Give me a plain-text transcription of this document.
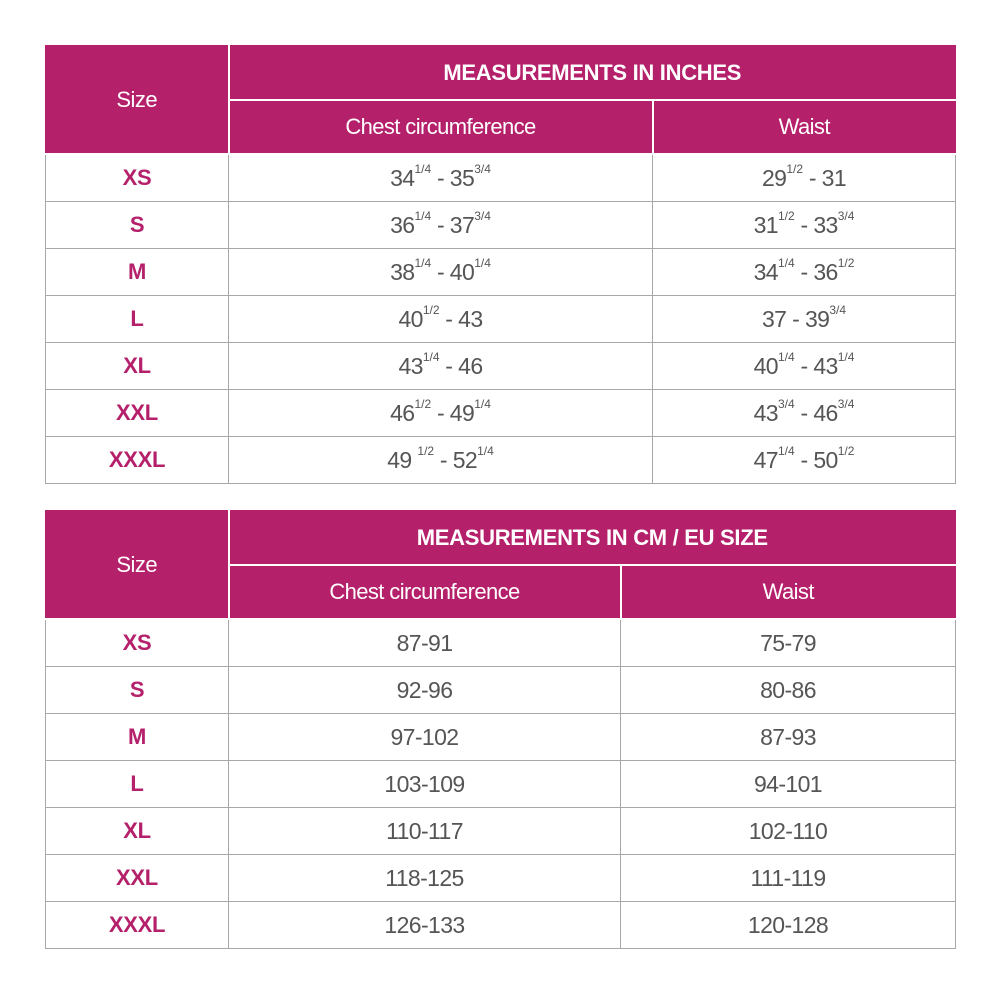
Size	MEASUREMENTS IN INCHES	
	Chest circumference	Waist
XS	$34^{1/4} - 35^{3/4}$	$29^{1/2} - 31$
S	$36^{1/4} - 37^{3/4}$	$31^{1/2} - 33^{3/4}$
M	$38^{1/4} - 40^{1/4}$	$34^{1/4} - 36^{1/2}$
L	$40^{1/2} - 43$	$37 - 39^{3/4}$
XL	$43^{1/4} - 46$	$40^{1/4} - 43^{1/4}$
XXL	$46^{1/2} - 49^{1/4}$	$43^{3/4} - 46^{3/4}$
XXXL	49 $^{1/2} - 52^{1/4}$	$47^{1/4} - 50^{1/2}$
Size	MEASUREMENTS IN CM / EU SIZE	
	Chest circumference	Waist
XS	87-91	75-79
S	92-96	80-86
M	97-102	87-93
L	103-109	94-101
XL	110-117	102-110
XXL	118-125	111-119
XXXL	126-133	120-128
